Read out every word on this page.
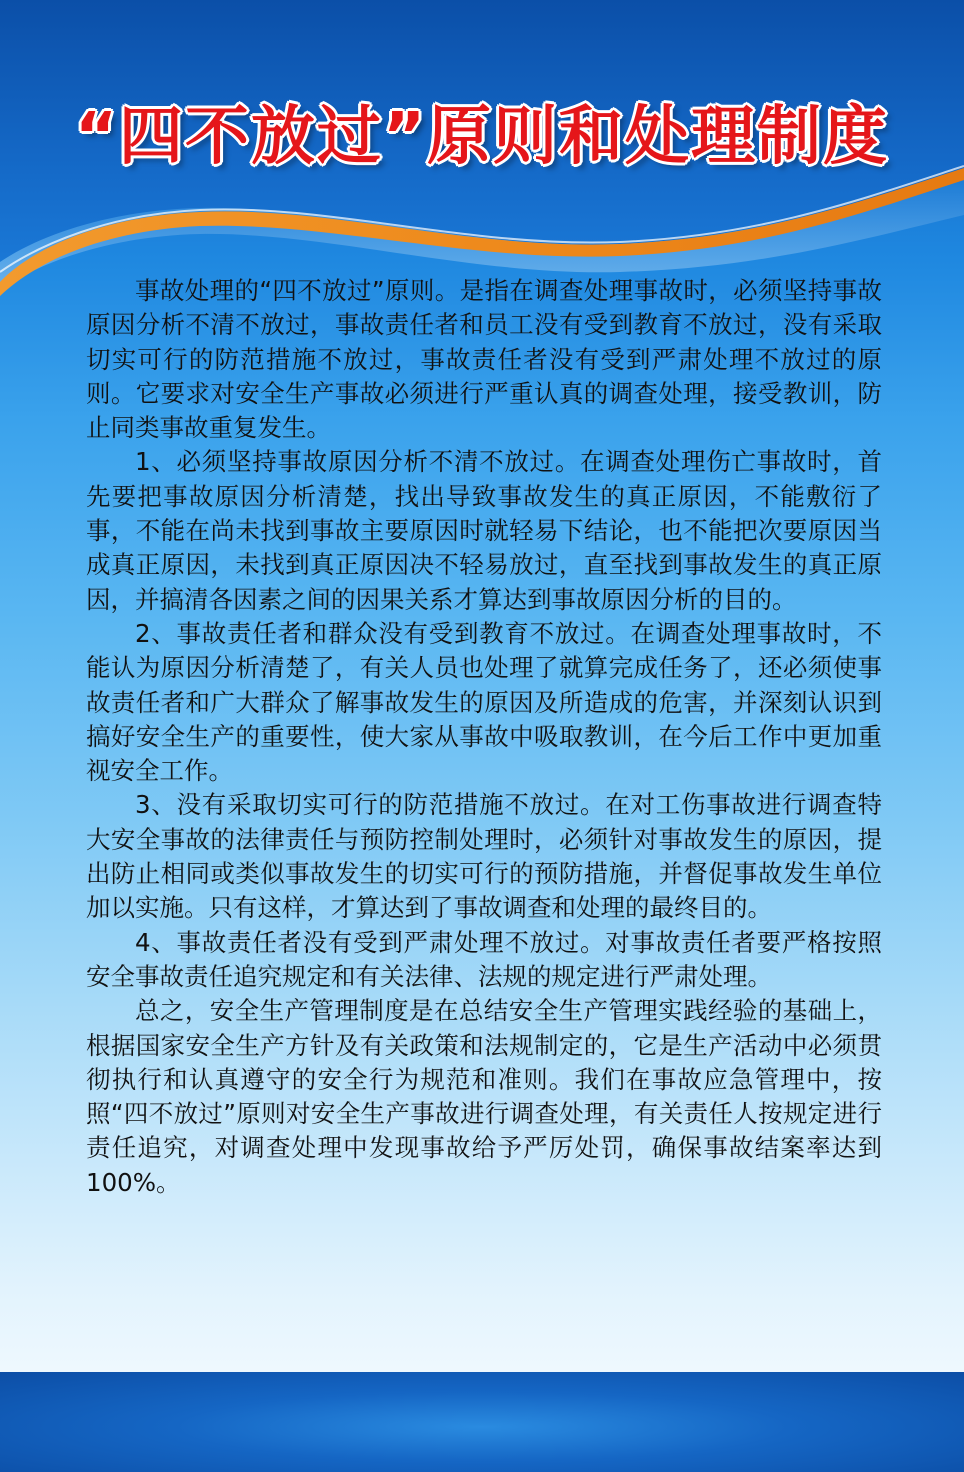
“四不放过”原则和处理制度

事故处理的“四不放过”原则。是指在调查处理事故时，必须坚持事故原因分析不清不放过，事故责任者和员工没有受到教育不放过，没有采取切实可行的防范措施不放过，事故责任者没有受到严肃处理不放过的原则。它要求对安全生产事故必须进行严重认真的调查处理，接受教训，防止同类事故重复发生。

1、必须坚持事故原因分析不清不放过。在调查处理伤亡事故时，首先要把事故原因分析清楚，找出导致事故发生的真正原因，不能敷衍了事，不能在尚未找到事故主要原因时就轻易下结论，也不能把次要原因当成真正原因，未找到真正原因决不轻易放过，直至找到事故发生的真正原因，并搞清各因素之间的因果关系才算达到事故原因分析的目的。

2、事故责任者和群众没有受到教育不放过。在调查处理事故时，不能认为原因分析清楚了，有关人员也处理了就算完成任务了，还必须使事故责任者和广大群众了解事故发生的原因及所造成的危害，并深刻认识到搞好安全生产的重要性，使大家从事故中吸取教训，在今后工作中更加重视安全工作。

3、没有采取切实可行的防范措施不放过。在对工伤事故进行调查特大安全事故的法律责任与预防控制处理时，必须针对事故发生的原因，提出防止相同或类似事故发生的切实可行的预防措施，并督促事故发生单位加以实施。只有这样，才算达到了事故调查和处理的最终目的。

4、事故责任者没有受到严肃处理不放过。对事故责任者要严格按照安全事故责任追究规定和有关法律、法规的规定进行严肃处理。

总之，安全生产管理制度是在总结安全生产管理实践经验的基础上，根据国家安全生产方针及有关政策和法规制定的，它是生产活动中必须贯彻执行和认真遵守的安全行为规范和准则。我们在事故应急管理中，按照“四不放过”原则对安全生产事故进行调查处理，有关责任人按规定进行责任追究，对调查处理中发现事故给予严厉处罚，确保事故结案率达到100%。
